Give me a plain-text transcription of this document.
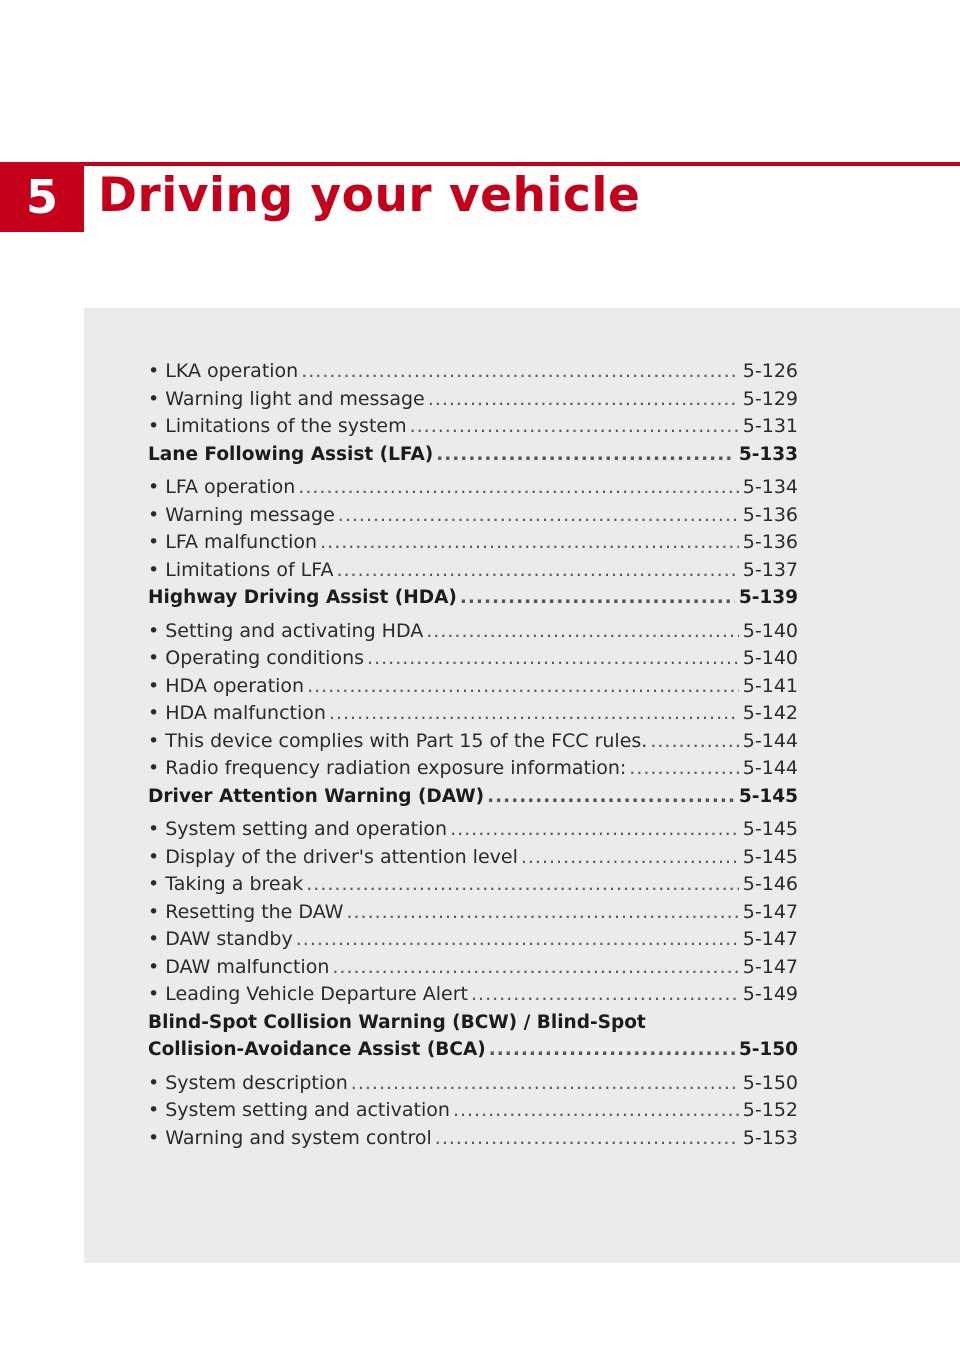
5 Driving your vehicle
• LKA operation .....	5-126
• Warning light and message .....	5-129
• Limitations of the system .....	5-131
Lane Following Assist (LFA) .....	5-133
• LFA operation .....	5-134
• Warning message .....	5-136
• LFA malfunction .....	5-136
• Limitations of LFA .....	5-137
Highway Driving Assist (HDA) .....	5-139
• Setting and activating HDA .....	5-140
• Operating conditions .....	5-140
• HDA operation .....	5-141
• HDA malfunction .....	5-142
• This device complies with Part 15 of the FCC rules. .....	5-144
• Radio frequency radiation exposure information: .....	5-144
Driver Attention Warning (DAW) .....	5-145
• System setting and operation .....	5-145
• Display of the driver's attention level .....	5-145
• Taking a break .....	5-146
• Resetting the DAW .....	5-147
• DAW standby .....	5-147
• DAW malfunction .....	5-147
• Leading Vehicle Departure Alert .....	5-149
Blind-Spot Collision Warning (BCW) / Blind-Spot
Collision-Avoidance Assist (BCA) .....	5-150
• System description .....	5-150
• System setting and activation .....	5-152
• Warning and system control .....	5-153
